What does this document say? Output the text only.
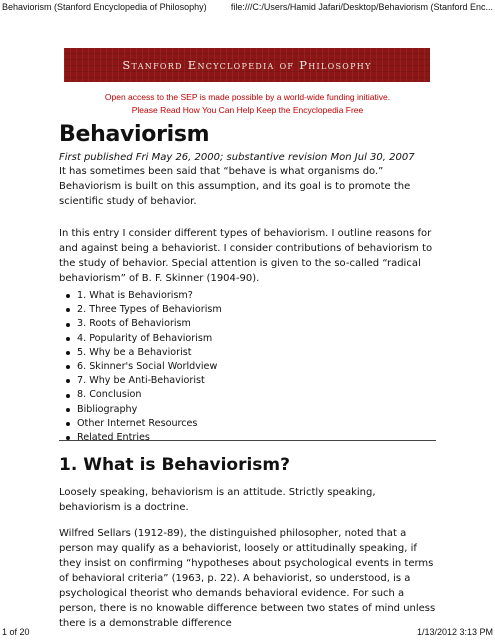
Behaviorism (Stanford Encyclopedia of Philosophy)	file:///C:/Users/Hamid Jafari/Desktop/Behaviorism (Stanford Enc...
Stanford Encyclopedia of Philosophy
Open access to the SEP is made possible by a world-wide funding initiative.
Please Read How You Can Help Keep the Encyclopedia Free
Behaviorism
First published Fri May 26, 2000; substantive revision Mon Jul 30, 2007

It has sometimes been said that “behave is what organisms do.” Behaviorism is built on this assumption, and its goal is to promote the scientific study of behavior.

In this entry I consider different types of behaviorism. I outline reasons for and against being a behaviorist. I consider contributions of behaviorism to the study of behavior. Special attention is given to the so-called “radical behaviorism” of B. F. Skinner (1904-90).

1. What is Behaviorism?
2. Three Types of Behaviorism
3. Roots of Behaviorism
4. Popularity of Behaviorism
5. Why be a Behaviorist
6. Skinner's Social Worldview
7. Why be Anti-Behaviorist
8. Conclusion
Bibliography
Other Internet Resources
Related Entries
1. What is Behaviorism?

Loosely speaking, behaviorism is an attitude. Strictly speaking, behaviorism is a doctrine.

Wilfred Sellars (1912-89), the distinguished philosopher, noted that a person may qualify as a behaviorist, loosely or attitudinally speaking, if they insist on confirming “hypotheses about psychological events in terms of behavioral criteria” (1963, p. 22). A behaviorist, so understood, is a psychological theorist who demands behavioral evidence. For such a person, there is no knowable difference between two states of mind unless there is a demonstrable difference

1 of 20	1/13/2012 3:13 PM
